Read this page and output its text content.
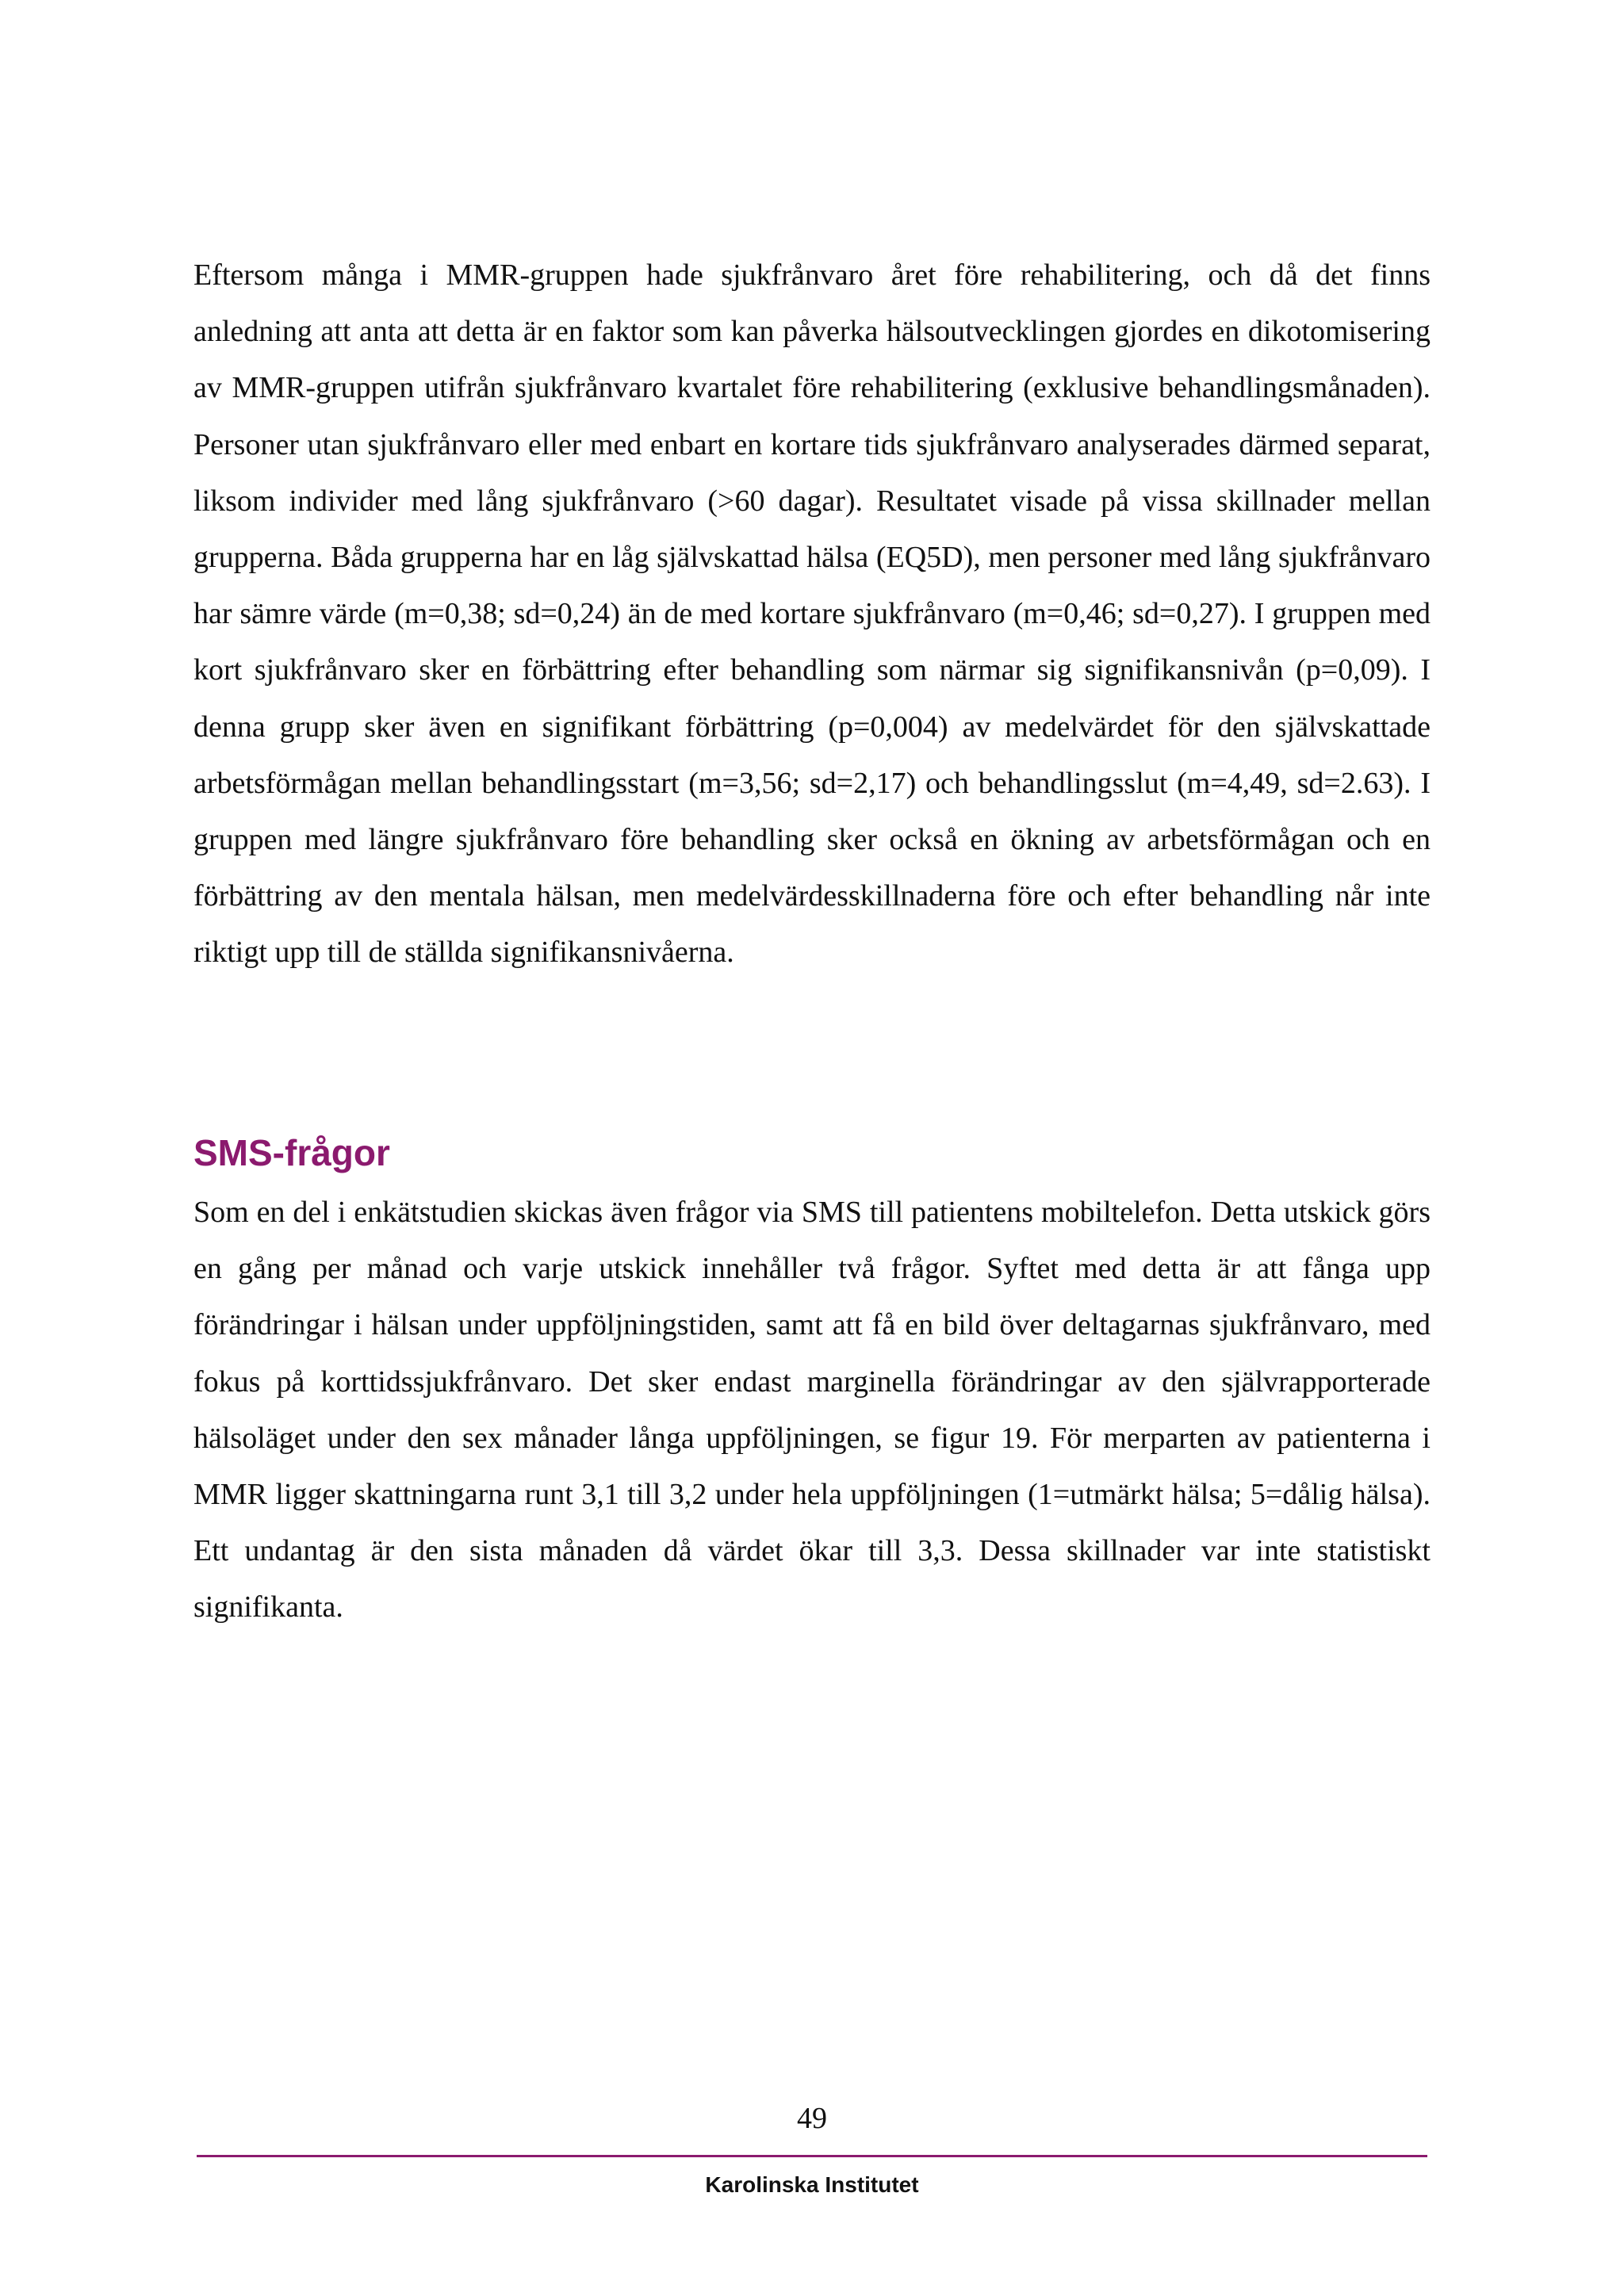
Eftersom många i MMR-gruppen hade sjukfrånvaro året före rehabilitering, och då det finns anledning att anta att detta är en faktor som kan påverka hälsoutvecklingen gjordes en dikotomisering av MMR-gruppen utifrån sjukfrånvaro kvartalet före rehabilitering (exklusive behandlingsmånaden). Personer utan sjukfrånvaro eller med enbart en kortare tids sjukfrånvaro analyserades därmed separat, liksom individer med lång sjukfrånvaro (>60 dagar). Resultatet visade på vissa skillnader mellan grupperna. Båda grupperna har en låg självskattad hälsa (EQ5D), men personer med lång sjukfrånvaro har sämre värde (m=0,38; sd=0,24) än de med kortare sjukfrånvaro (m=0,46; sd=0,27). I gruppen med kort sjukfrånvaro sker en förbättring efter behandling som närmar sig signifikansnivån (p=0,09). I denna grupp sker även en signifikant förbättring (p=0,004) av medelvärdet för den självskattade arbetsförmågan mellan behandlingsstart (m=3,56; sd=2,17) och behandlingsslut (m=4,49, sd=2.63). I gruppen med längre sjukfrånvaro före behandling sker också en ökning av arbetsförmågan och en förbättring av den mentala hälsan, men medelvärdesskillnaderna före och efter behandling når inte riktigt upp till de ställda signifikansnivåerna.

SMS-frågor

Som en del i enkätstudien skickas även frågor via SMS till patientens mobiltelefon. Detta utskick görs en gång per månad och varje utskick innehåller två frågor. Syftet med detta är att fånga upp förändringar i hälsan under uppföljningstiden, samt att få en bild över deltagarnas sjukfrånvaro, med fokus på korttidssjukfrånvaro. Det sker endast marginella förändringar av den självrapporterade hälsoläget under den sex månader långa uppföljningen, se figur 19. För merparten av patienterna i MMR ligger skattningarna runt 3,1 till 3,2 under hela uppföljningen (1=utmärkt hälsa; 5=dålig hälsa). Ett undantag är den sista månaden då värdet ökar till 3,3. Dessa skillnader var inte statistiskt signifikanta.

49
Karolinska Institutet
